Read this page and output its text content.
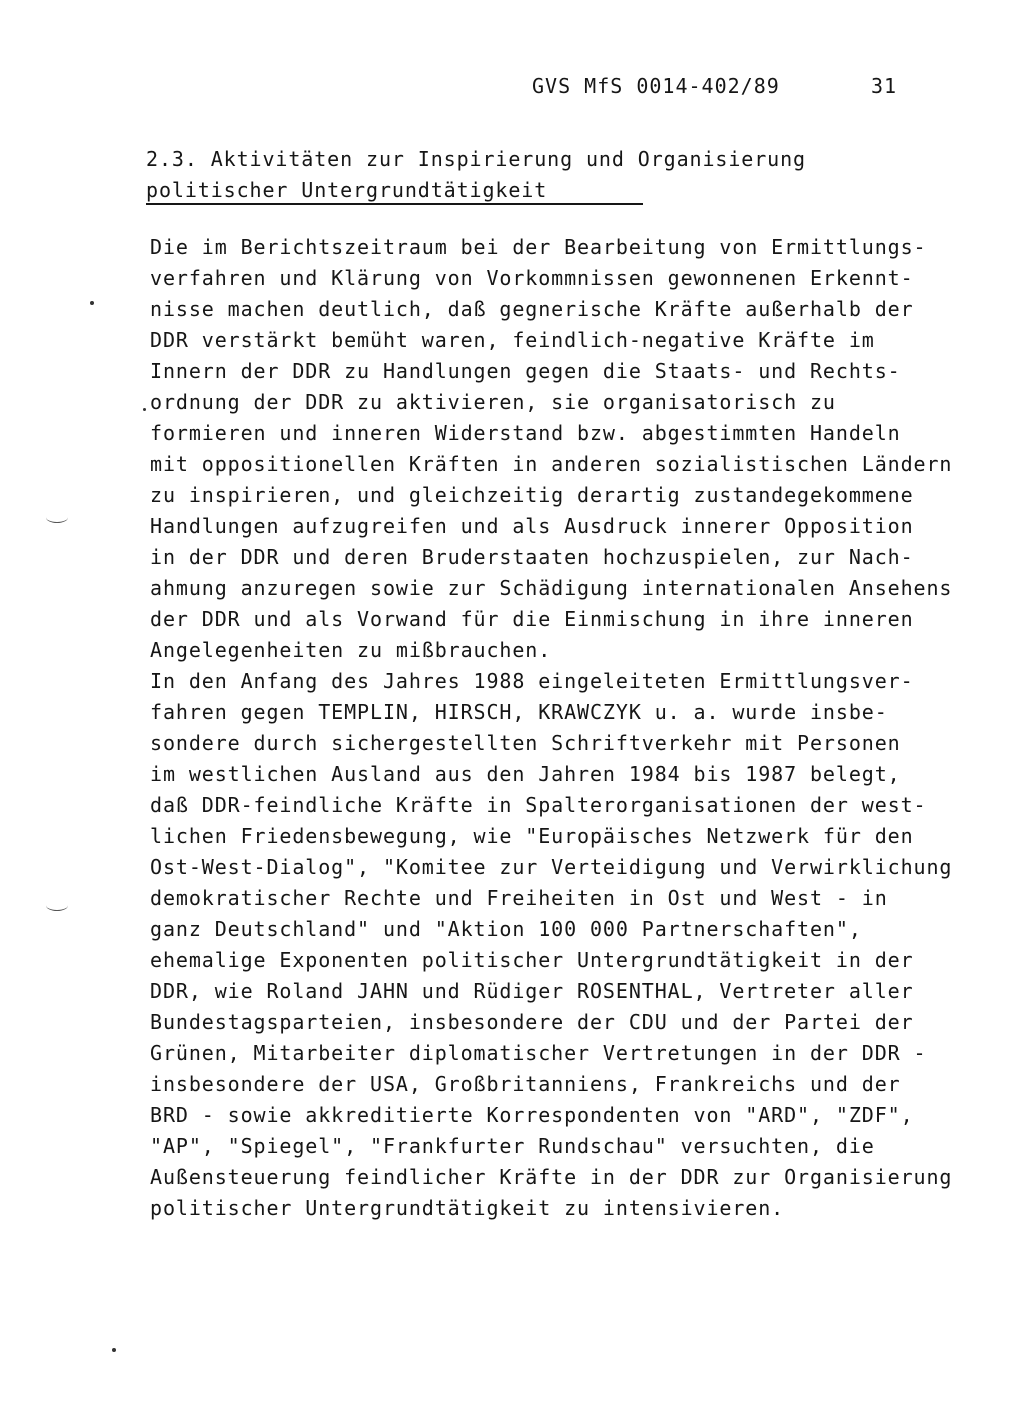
GVS MfS 0014-402/89	31
2.3. Aktivitäten zur Inspirierung und Organisierung
politischer Untergrundtätigkeit
Die im Berichtszeitraum bei der Bearbeitung von Ermittlungs-
verfahren und Klärung von Vorkommnissen gewonnenen Erkennt-
nisse machen deutlich, daß gegnerische Kräfte außerhalb der
DDR verstärkt bemüht waren, feindlich-negative Kräfte im
Innern der DDR zu Handlungen gegen die Staats- und Rechts-
ordnung der DDR zu aktivieren, sie organisatorisch zu
formieren und inneren Widerstand bzw. abgestimmten Handeln
mit oppositionellen Kräften in anderen sozialistischen Ländern
zu inspirieren, und gleichzeitig derartig zustandegekommene
Handlungen aufzugreifen und als Ausdruck innerer Opposition
in der DDR und deren Bruderstaaten hochzuspielen, zur Nach-
ahmung anzuregen sowie zur Schädigung internationalen Ansehens
der DDR und als Vorwand für die Einmischung in ihre inneren
Angelegenheiten zu mißbrauchen.
In den Anfang des Jahres 1988 eingeleiteten Ermittlungsver-
fahren gegen TEMPLIN, HIRSCH, KRAWCZYK u. a. wurde insbe-
sondere durch sichergestellten Schriftverkehr mit Personen
im westlichen Ausland aus den Jahren 1984 bis 1987 belegt,
daß DDR-feindliche Kräfte in Spalterorganisationen der west-
lichen Friedensbewegung, wie "Europäisches Netzwerk für den
Ost-West-Dialog", "Komitee zur Verteidigung und Verwirklichung
demokratischer Rechte und Freiheiten in Ost und West - in
ganz Deutschland" und "Aktion 100 000 Partnerschaften",
ehemalige Exponenten politischer Untergrundtätigkeit in der
DDR, wie Roland JAHN und Rüdiger ROSENTHAL, Vertreter aller
Bundestagsparteien, insbesondere der CDU und der Partei der
Grünen, Mitarbeiter diplomatischer Vertretungen in der DDR -
insbesondere der USA, Großbritanniens, Frankreichs und der
BRD - sowie akkreditierte Korrespondenten von "ARD", "ZDF",
"AP", "Spiegel", "Frankfurter Rundschau" versuchten, die
Außensteuerung feindlicher Kräfte in der DDR zur Organisierung
politischer Untergrundtätigkeit zu intensivieren.
